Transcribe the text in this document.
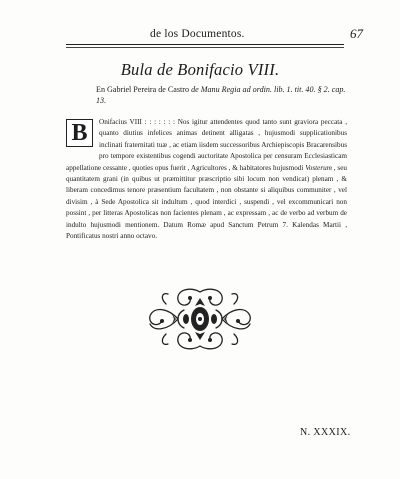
de los Documentos.	67
Bula de Bonifacio VIII.
En Gabriel Pereira de Castro de Manu Regia ad ordin. lib. 1. tit. 40. § 2. cap. 13.
Onifacius VIII : : : : : : : Nos igitur attendentes quod tanto sunt graviora peccata , quanto diutius infelices animas detinent alligatas , hujusmodi supplicationibus inclinati fraternitati tuæ , ac etiam iisdem successoribus Archiepiscopis Bracarensibus pro tempore existentibus cogendi auctoritate Apostolica per censuram Ecclesiasticam appellatione cessante , quoties opus fuerit , Agricultores , & habitatores hujusmodi Vosterum , seu quantitatem grani (in quibus ut præmittitur præscriptio sibi locum non vendicat) plenam , & liberam concedimus tenore præsentium facultatem , non obstante si aliquibus communiter , vel divisim , à Sede Apostolica sit indultum , quod interdici , suspendi , vel excommunicari non possint , per litteras Apostolicas non facientes plenam , ac expressam , ac de verbo ad verbum de indulto hujusmodi mentionem. Datum Romæ apud Sanctum Petrum 7. Kalendas Martii , Pontificatus nostri anno octavo.
B
N. XXXIX.
